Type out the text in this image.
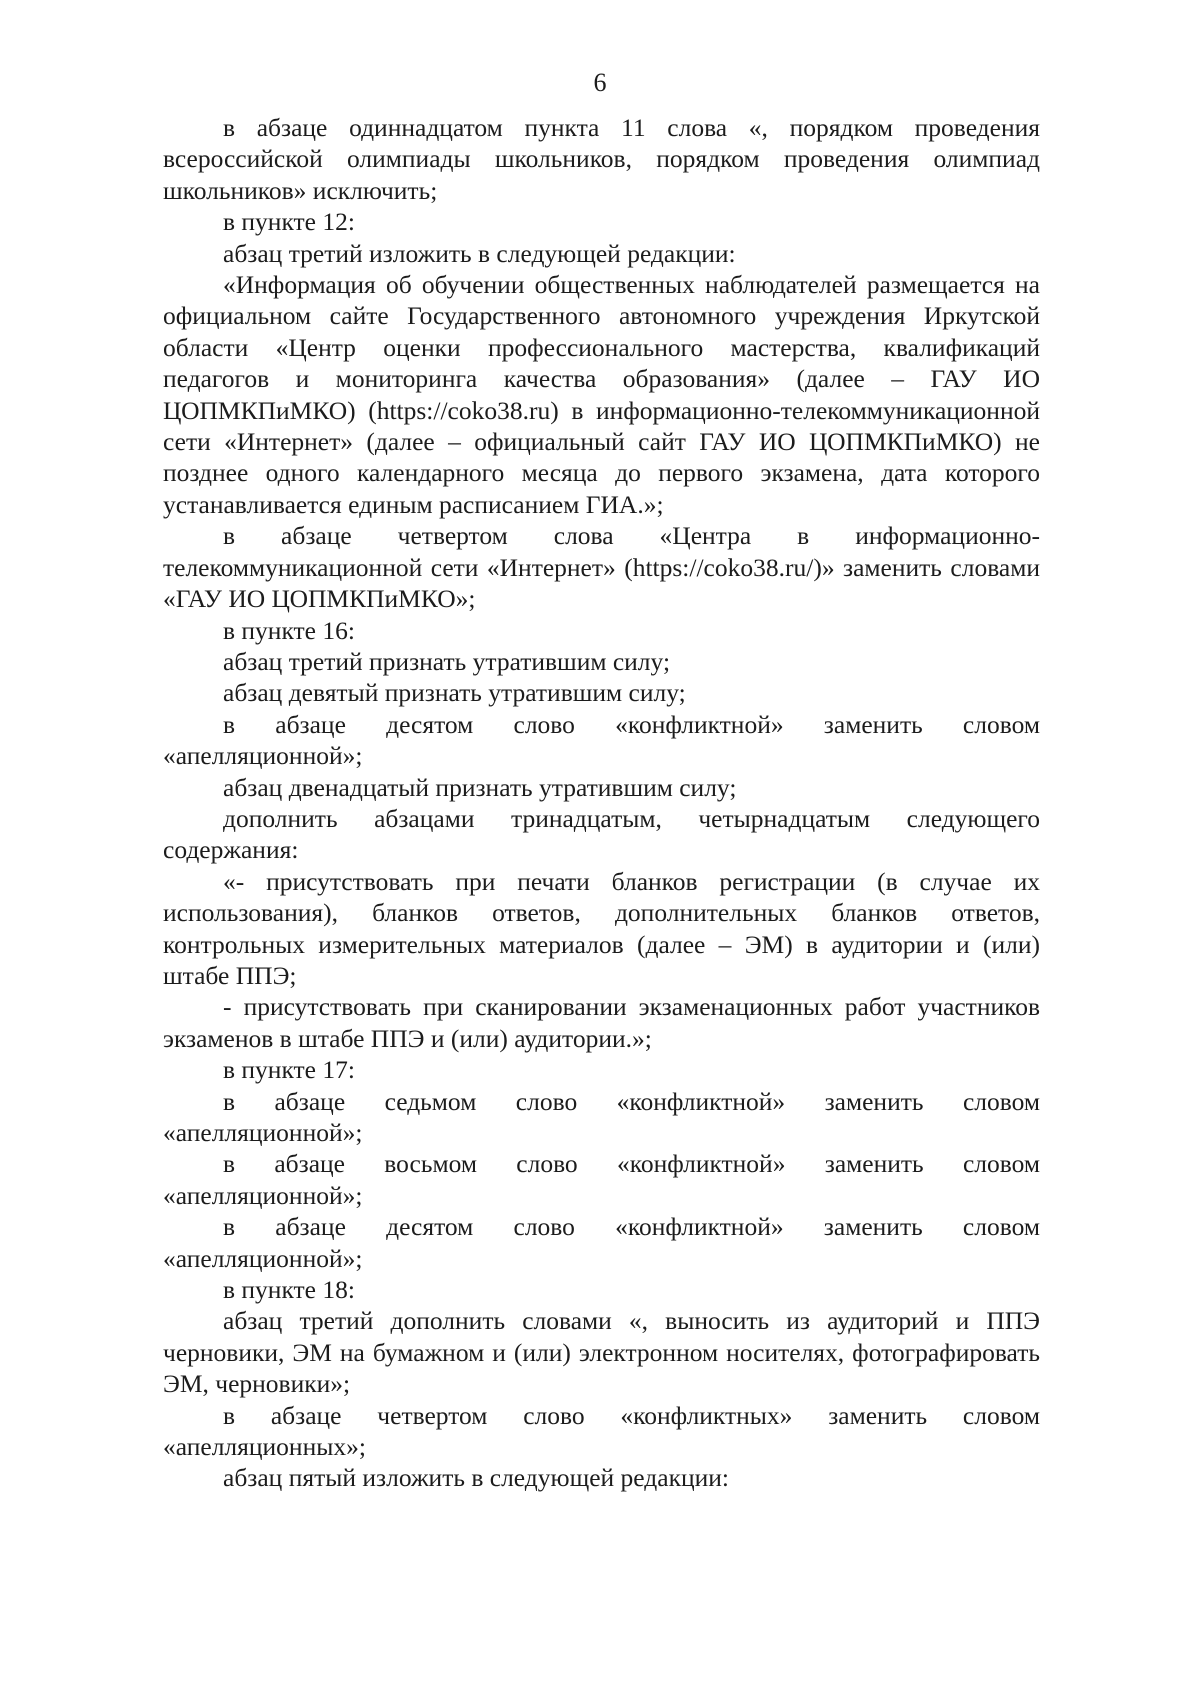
6

в абзаце одиннадцатом пункта 11 слова «, порядком проведения всероссийской олимпиады школьников, порядком проведения олимпиад школьников» исключить;

в пункте 12:

абзац третий изложить в следующей редакции:

«Информация об обучении общественных наблюдателей размещается на официальном сайте Государственного автономного учреждения Иркутской области «Центр оценки профессионального мастерства, квалификаций педагогов и мониторинга качества образования» (далее – ГАУ ИО ЦОПМКПиМКО) (https://coko38.ru) в информационно-телекоммуникационной сети «Интернет» (далее – официальный сайт ГАУ ИО ЦОПМКПиМКО) не позднее одного календарного месяца до первого экзамена, дата которого устанавливается единым расписанием ГИА.»;

в абзаце четвертом слова «Центра в информационно-телекоммуникационной сети «Интернет» (https://coko38.ru/)» заменить словами «ГАУ ИО ЦОПМКПиМКО»;

в пункте 16:

абзац третий признать утратившим силу;

абзац девятый признать утратившим силу;

в абзаце десятом слово «конфликтной» заменить словом «апелляционной»;

абзац двенадцатый признать утратившим силу;

дополнить абзацами тринадцатым, четырнадцатым следующего содержания:

«- присутствовать при печати бланков регистрации (в случае их использования), бланков ответов, дополнительных бланков ответов, контрольных измерительных материалов (далее – ЭМ) в аудитории и (или) штабе ППЭ;

- присутствовать при сканировании экзаменационных работ участников экзаменов в штабе ППЭ и (или) аудитории.»;

в пункте 17:

в абзаце седьмом слово «конфликтной» заменить словом «апелляционной»;

в абзаце восьмом слово «конфликтной» заменить словом «апелляционной»;

в абзаце десятом слово «конфликтной» заменить словом «апелляционной»;

в пункте 18:

абзац третий дополнить словами «, выносить из аудиторий и ППЭ черновики, ЭМ на бумажном и (или) электронном носителях, фотографировать ЭМ, черновики»;

в абзаце четвертом слово «конфликтных» заменить словом «апелляционных»;

абзац пятый изложить в следующей редакции:
